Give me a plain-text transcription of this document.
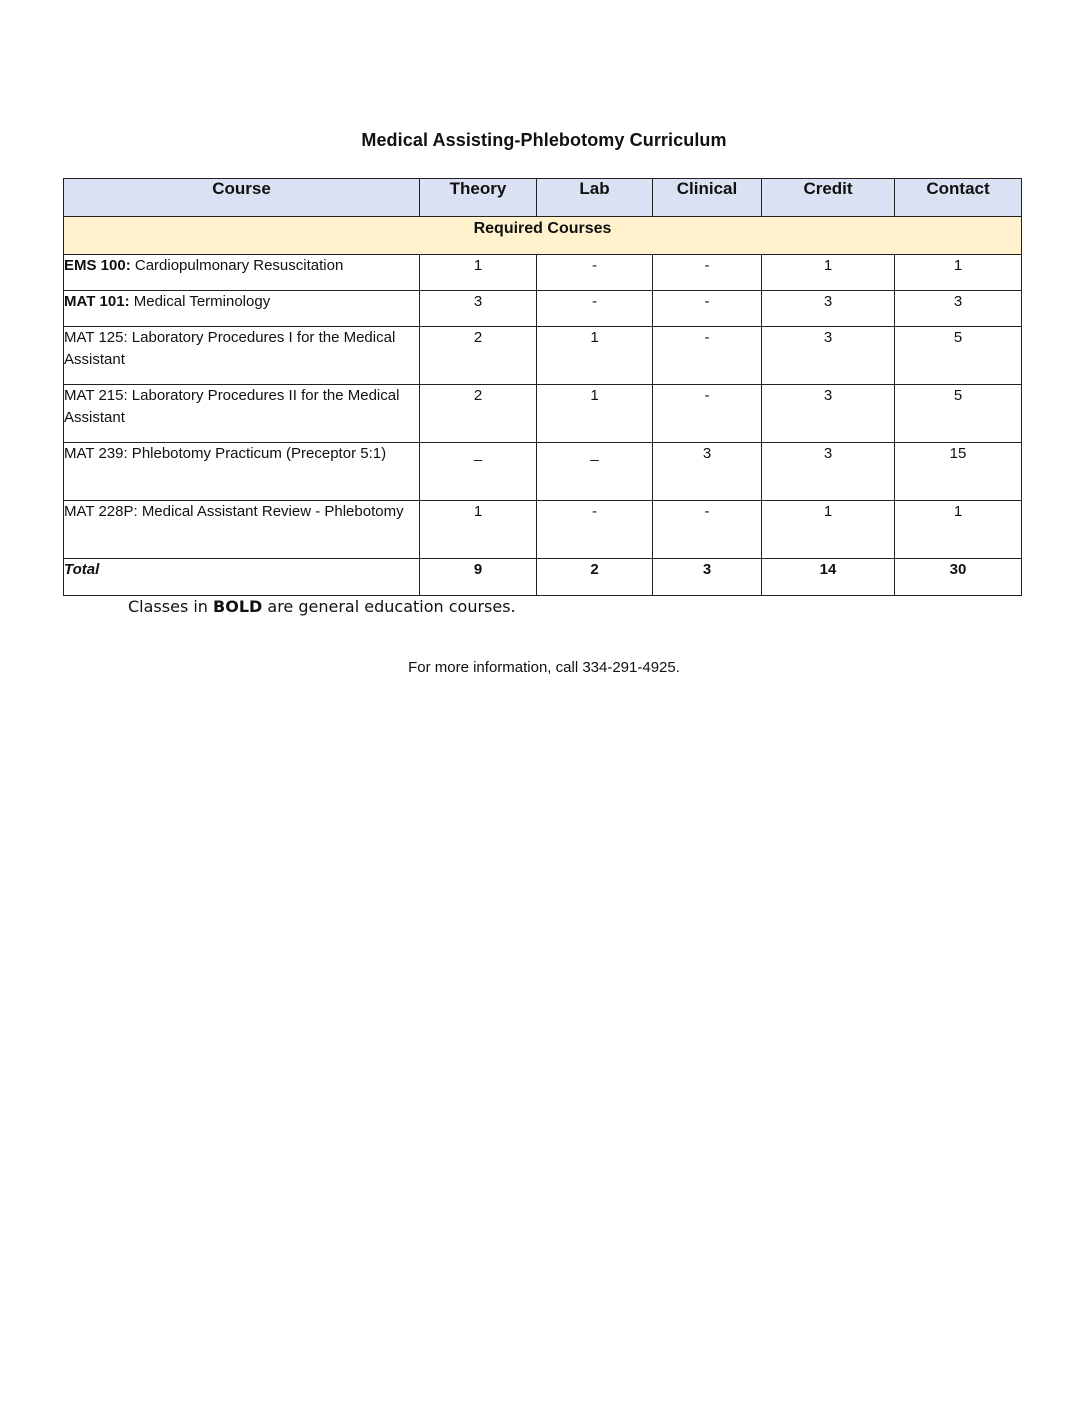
Medical Assisting-Phlebotomy Curriculum
Course	Theory	Lab	Clinical	Credit	Contact
Required Courses					
EMS 100: Cardiopulmonary Resuscitation	1	-	-	1	1
MAT 101: Medical Terminology	3	-	-	3	3
MAT 125: Laboratory Procedures I for the Medical Assistant	2	1	-	3	5
MAT 215: Laboratory Procedures II for the Medical Assistant	2	1	-	3	5
MAT 239: Phlebotomy Practicum (Preceptor 5:1)	_	_	3	3	15
MAT 228P: Medical Assistant Review - Phlebotomy	1	-	-	1	1
Total	9	2	3	14	30
Classes in BOLD are general education courses.
For more information, call 334-291-4925.
